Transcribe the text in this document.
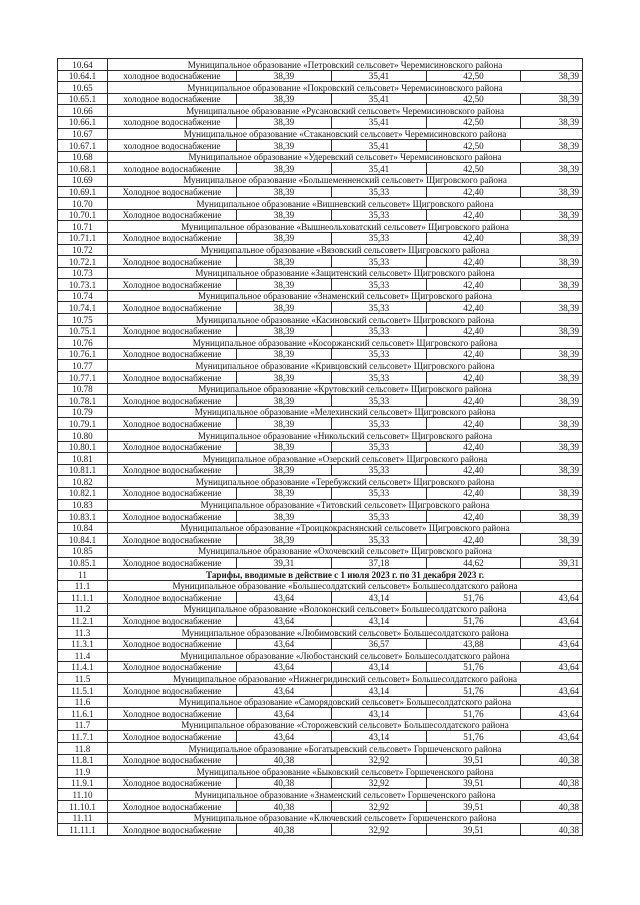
10.64	Муниципальное образование «Петровский сельсовет» Черемисиновского района				
10.64.1	холодное водоснабжение	38,39	35,41	42,50	38,39
10.65	Муниципальное образование «Покровский сельсовет» Черемисиновского района				
10.65.1	холодное водоснабжение	38,39	35,41	42,50	38,39
10.66	Муниципальное образование «Русановский сельсовет» Черемисиновского района				
10.66.1	холодное водоснабжение	38,39	35,41	42,50	38,39
10.67	Муниципальное образование «Стакановский сельсовет» Черемисиновского района				
10.67.1	холодное водоснабжение	38,39	35,41	42,50	38,39
10.68	Муниципальное образование «Удеревский сельсовет» Черемисиновского района				
10.68.1	холодное водоснабжение	38,39	35,41	42,50	38,39
10.69	Муниципальное образование «Большеменненский сельсовет» Щигровского района				
10.69.1	Холодное водоснабжение	38,39	35,33	42,40	38,39
10.70	Муниципальное образование «Вишневский сельсовет» Щигровского района				
10.70.1	Холодное водоснабжение	38,39	35,33	42,40	38,39
10.71	Муниципальное образование «Вышнеольховатский сельсовет» Щигровского района				
10.71.1	Холодное водоснабжение	38,39	35,33	42,40	38,39
10.72	Муниципальное образование «Вязовский сельсовет» Щигровского района				
10.72.1	Холодное водоснабжение	38,39	35,33	42,40	38,39
10.73	Муниципальное образование «Защитенский сельсовет» Щигровского района				
10.73.1	Холодное водоснабжение	38,39	35,33	42,40	38,39
10.74	Муниципальное образование «Знаменский сельсовет» Щигровского района				
10.74.1	Холодное водоснабжение	38,39	35,33	42,40	38,39
10.75	Муниципальное образование «Касиновский сельсовет» Щигровского района				
10.75.1	Холодное водоснабжение	38,39	35,33	42,40	38,39
10.76	Муниципальное образование «Косоржанский сельсовет» Щигровского района				
10.76.1	Холодное водоснабжение	38,39	35,33	42,40	38,39
10.77	Муниципальное образование «Кривцовский сельсовет» Щигровского района				
10.77.1	Холодное водоснабжение	38,39	35,33	42,40	38,39
10.78	Муниципальное образование «Крутовский сельсовет» Щигровского района				
10.78.1	Холодное водоснабжение	38,39	35,33	42,40	38,39
10.79	Муниципальное образование «Мелехинский сельсовет» Щигровского района				
10.79.1	Холодное водоснабжение	38,39	35,33	42,40	38,39
10.80	Муниципальное образование «Никольский сельсовет» Щигровского района				
10.80.1	Холодное водоснабжение	38,39	35,33	42,40	38,39
10.81	Муниципальное образование «Озерский сельсовет» Щигровского района				
10.81.1	Холодное водоснабжение	38,39	35,33	42,40	38,39
10.82	Муниципальное образование «Теребужский сельсовет» Щигровского района				
10.82.1	Холодное водоснабжение	38,39	35,33	42,40	38,39
10.83	Муниципальное образование «Титовский сельсовет» Щигровского района				
10.83.1	Холодное водоснабжение	38,39	35,33	42,40	38,39
10.84	Муниципальное образование «Троицкокраснянский сельсовет» Щигровского района				
10.84.1	Холодное водоснабжение	38,39	35,33	42,40	38,39
10.85	Муниципальное образование «Охочевский сельсовет» Щигровского района				
10.85.1	Холодное водоснабжение	39,31	37,18	44,62	39,31
11	Тарифы, вводимые в действие с 1 июля 2023 г. по 31 декабря 2023 г.				
11.1	Муниципальное образование «Большесолдатский сельсовет» Большесолдатского района				
11.1.1	Холодное водоснабжение	43,64	43,14	51,76	43,64
11.2	Муниципальное образование «Волоконский сельсовет» Большесолдатского района				
11.2.1	Холодное водоснабжение	43,64	43,14	51,76	43,64
11.3	Муниципальное образование «Любимовский сельсовет» Большесолдатского района				
11.3.1	Холодное водоснабжение	43,64	36,57	43,88	43,64
11.4	Муниципальное образование «Любостанский сельсовет» Большесолдатского района				
11.4.1	Холодное водоснабжение	43,64	43,14	51,76	43,64
11.5	Муниципальное образование «Нижнегридинский сельсовет» Большесолдатского района				
11.5.1	Холодное водоснабжение	43,64	43,14	51,76	43,64
11.6	Муниципальное образование «Саморядовский сельсовет» Большесолдатского района				
11.6.1	Холодное водоснабжение	43,64	43,14	51,76	43,64
11.7	Муниципальное образование «Сторожевский сельсовет» Большесолдатского района				
11.7.1	Холодное водоснабжение	43,64	43,14	51,76	43,64
11.8	Муниципальное образование «Богатыревский сельсовет» Горшеченского района				
11.8.1	Холодное водоснабжение	40,38	32,92	39,51	40,38
11.9	Муниципальное образование «Быковский сельсовет» Горшеченского района				
11.9.1	Холодное водоснабжение	40,38	32,92	39,51	40,38
11.10	Муниципальное образование «Знаменский сельсовет» Горшеченского района				
11.10.1	Холодное водоснабжение	40,38	32,92	39,51	40,38
11.11	Муниципальное образование «Ключевский сельсовет» Горшеченского района				
11.11.1	Холодное водоснабжение	40,38	32,92	39,51	40,38
